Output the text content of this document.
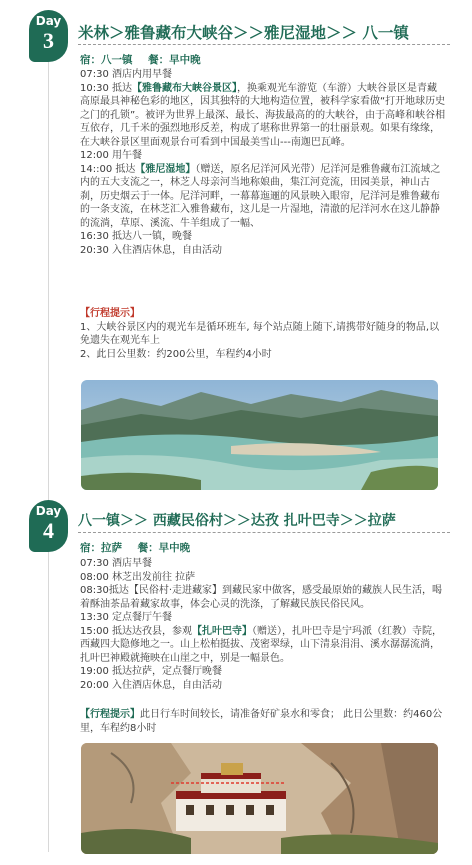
Day
3	米林＞雅鲁藏布大峡谷＞＞雅尼湿地＞＞ 八一镇
宿：八一镇 餐：早中晚

07:30 酒店内用早餐

10:30 抵达【雅鲁藏布大峡谷景区】，换乘观光车游览（车游）大峡谷景区是青藏高原最具神秘色彩的地区，因其独特的大地构造位置，被科学家看做“打开地球历史之门的孔锁”。被评为世界上最深、最长、海拔最高的的大峡谷，由于高峰和峡谷相互依存，几千米的强烈地形反差，构成了堪称世界第一的壮丽景观。如果有缘缘，在大峡谷景区里面观景台可看到中国最美雪山---南迦巴瓦峰。

12:00 用午餐

14::00 抵达【雅尼湿地】（赠送，原名尼洋河风光带）尼洋河是雅鲁藏布江流域之内的五大支流之一，林芝人母亲河当地称娘曲，集江河竞流，田园美景，神山古刹，历史烟云于一体。尼洋河畔，一幕幕迤逦的风景映入眼帘，尼洋河是雅鲁藏布的一条支流，在林芝汇入雅鲁藏布，这儿是一片湿地，清澈的尼洋河水在这儿静静的流淌，草原、溪流、牛羊组成了一幅、

16:30 抵达八一镇，晚餐

20:30 入住酒店休息，自由活动

【行程提示】

1、大峡谷景区内的观光车是循环班车, 每个站点随上随下,请携带好随身的物品,以免遗失在观光车上

2、此日公里数：约200公里，车程约4小时

Day
4	八一镇＞＞ 西藏民俗村＞＞达孜 扎叶巴寺＞＞拉萨
宿：拉萨 餐：早中晚

07:30 酒店早餐

08:00 林芝出发前往 拉萨

08:30抵达【民俗村·走进藏家】到藏民家中做客，感受最原始的藏族人民生活，喝着酥油茶品着藏家故事，体会心灵的洗涤，了解藏民族民俗民风。

13:30 定点餐厅午餐

15:00 抵达达孜县，参观【扎叶巴寺】（赠送），扎叶巴寺是宁玛派（红教）寺院，西藏四大隐修地之一。山上松柏挺拔、茂密翠绿，山下清泉涓涓、溪水潺潺流淌，扎叶巴神殿就掩映在山崖之中，别是一幅景色。

19:00 抵达拉萨，定点餐厅晚餐

20:00 入住酒店休息，自由活动

【行程提示】此日行车时间较长，请准备好矿泉水和零食； 此日公里数：约460公里，车程约8小时
